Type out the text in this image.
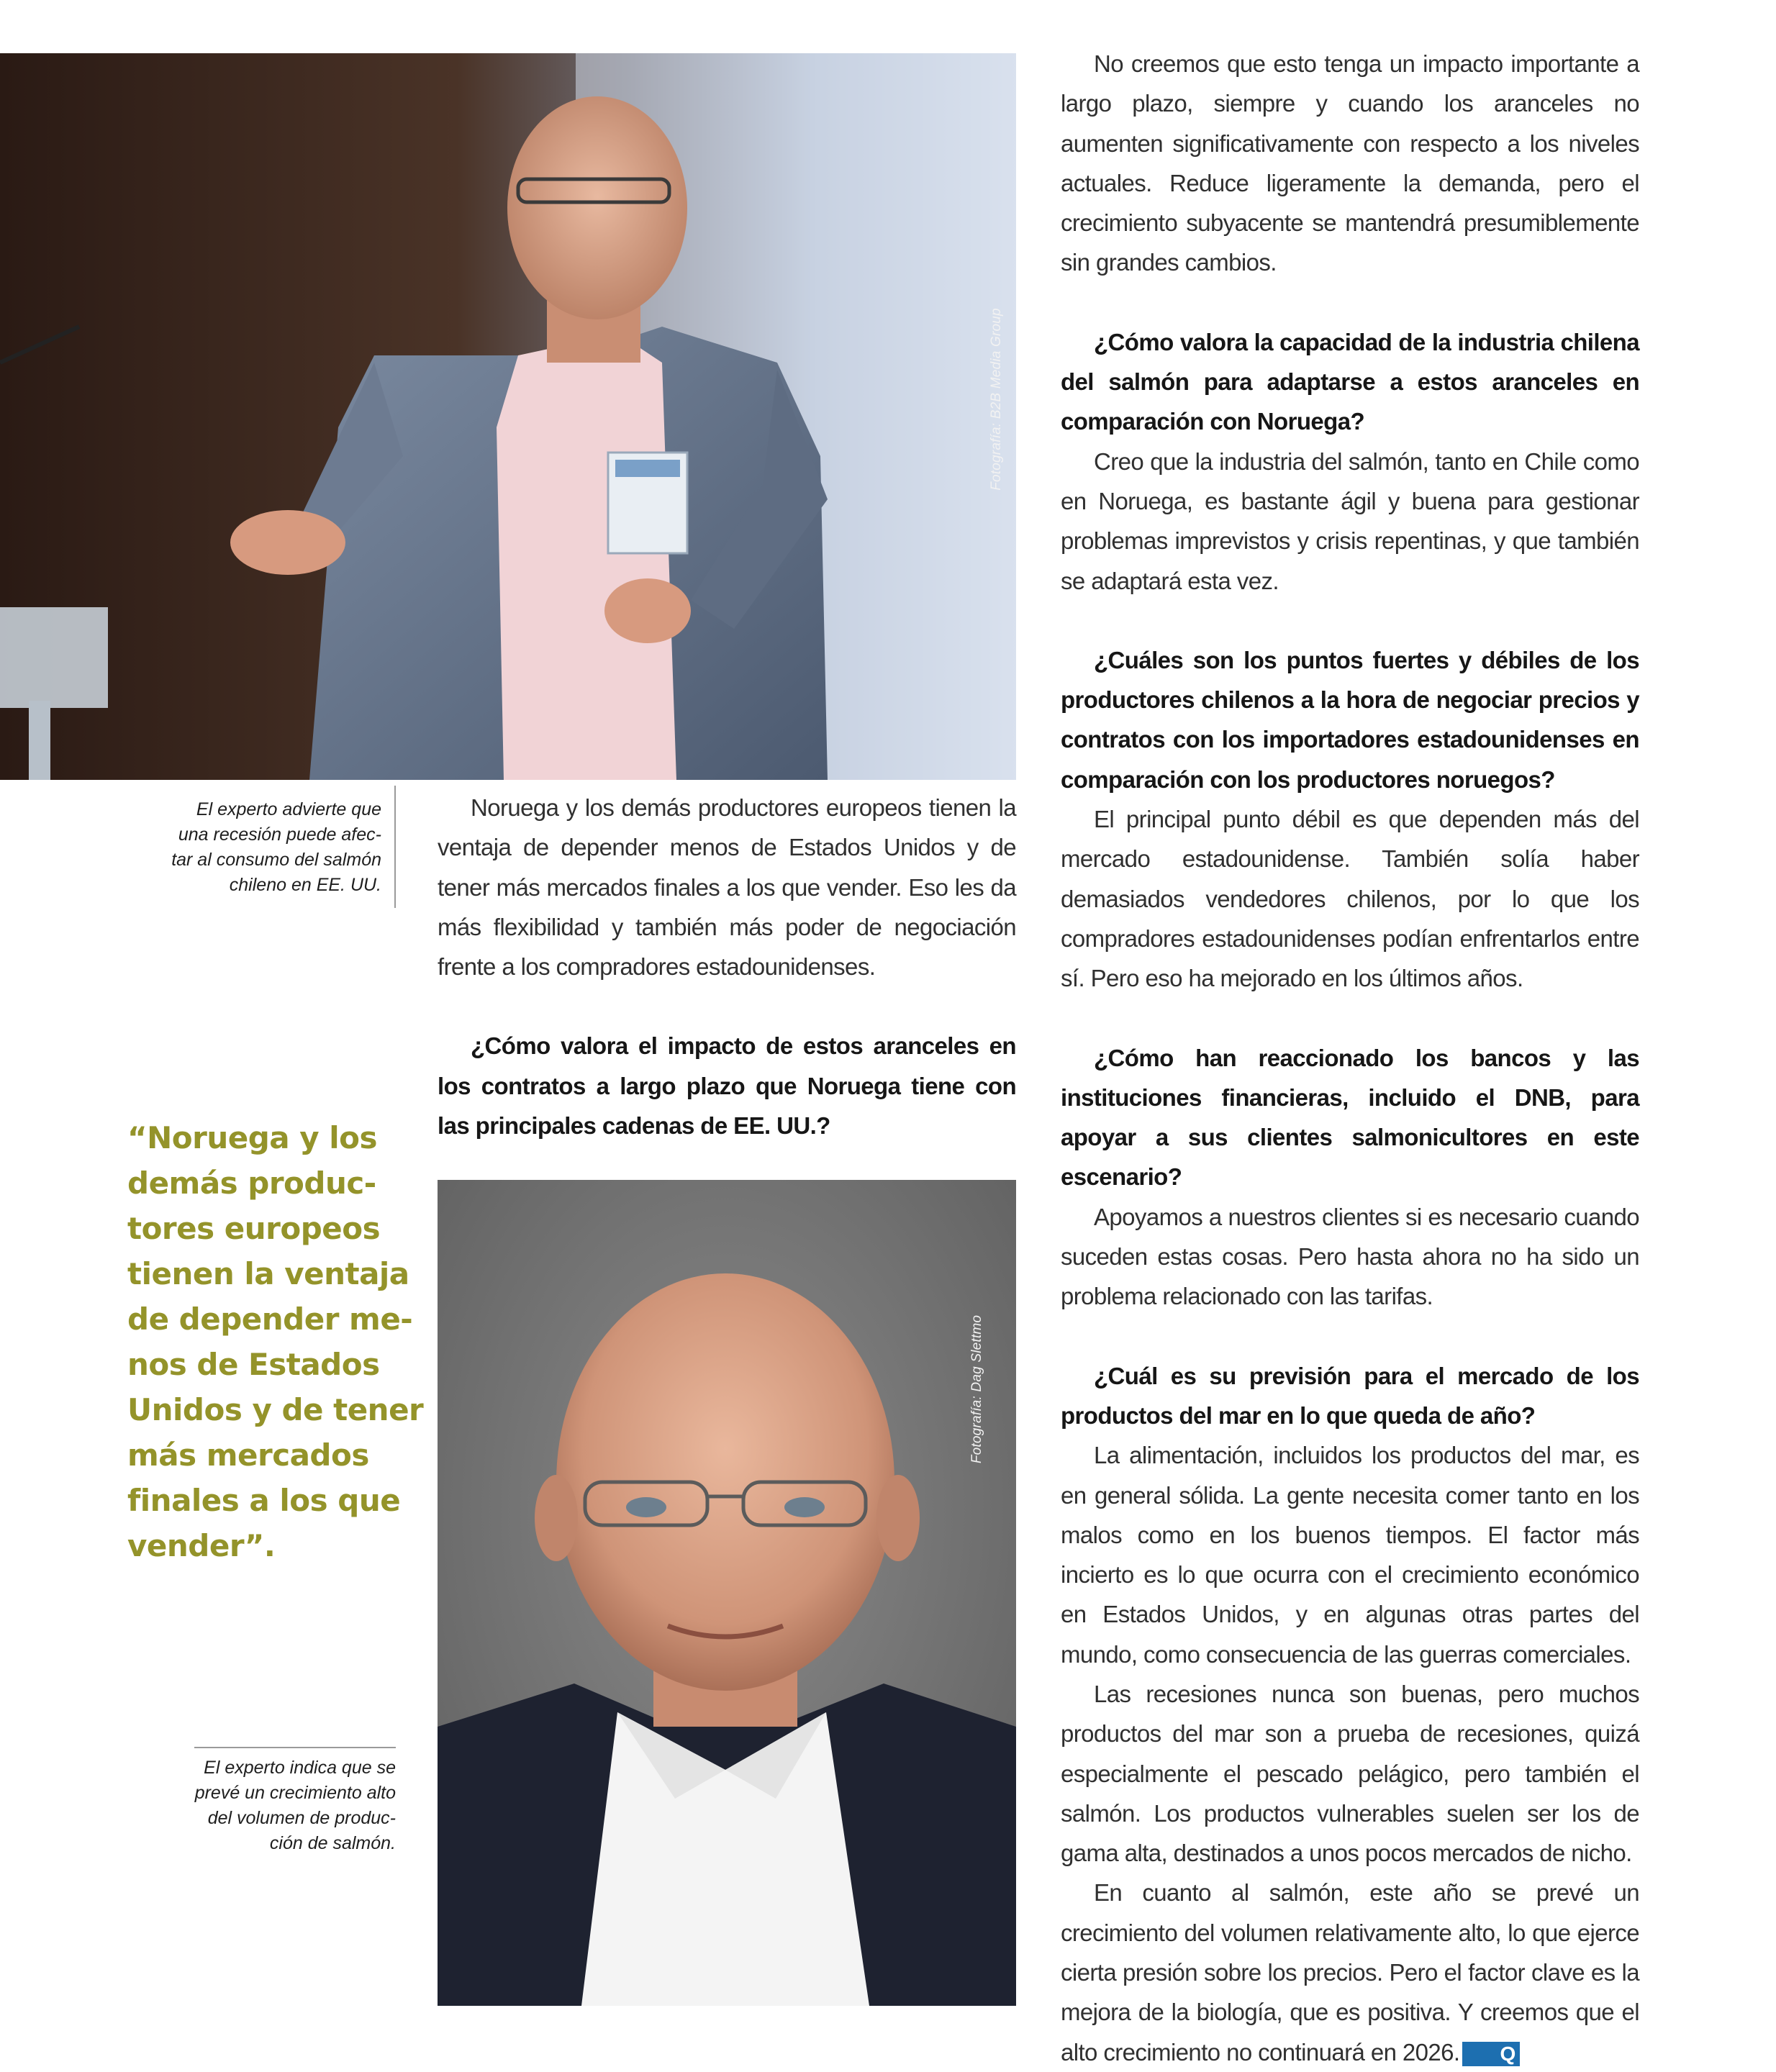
Fotografía: B2B Media Group

El experto advierte que

una recesión puede afec-

tar al consumo del salmón

chileno en EE. UU.

“Noruega y los

demás produc-

tores europeos

tienen la ventaja

de depender me-

nos de Estados

Unidos y de tener

más mercados

finales a los que

vender”.

El experto indica que se

prevé un crecimiento alto

del volumen de produc-

ción de salmón.

Noruega y los demás productores europeos tienen la ventaja de depender menos de Estados Unidos y de tener más mercados finales a los que vender. Eso les da más flexibilidad y también más poder de negociación frente a los compradores estadounidenses.

¿Cómo valora el impacto de estos aranceles en los contratos a largo plazo que Noruega tiene con las principales cadenas de EE. UU.?

Fotografía: Dag Slettmo

No creemos que esto tenga un impacto importante a largo plazo, siempre y cuando los aranceles no aumenten significativamente con respecto a los niveles actuales. Reduce ligeramente la demanda, pero el crecimiento subyacente se mantendrá presumiblemente sin grandes cambios.

¿Cómo valora la capacidad de la industria chilena del salmón para adaptarse a estos aranceles en comparación con Noruega?

Creo que la industria del salmón, tanto en Chile como en Noruega, es bastante ágil y buena para gestionar problemas imprevistos y crisis repentinas, y que también se adaptará esta vez.

¿Cuáles son los puntos fuertes y débiles de los productores chilenos a la hora de negociar precios y contratos con los importadores estadounidenses en comparación con los productores noruegos?

El principal punto débil es que dependen más del mercado estadounidense. También solía haber demasiados vendedores chilenos, por lo que los compradores estadounidenses podían enfrentarlos entre sí. Pero eso ha mejorado en los últimos años.

¿Cómo han reaccionado los bancos y las instituciones financieras, incluido el DNB, para apoyar a sus clientes salmonicultores en este escenario?

Apoyamos a nuestros clientes si es necesario cuando suceden estas cosas. Pero hasta ahora no ha sido un problema relacionado con las tarifas.

¿Cuál es su previsión para el mercado de los productos del mar en lo que queda de año?

La alimentación, incluidos los productos del mar, es en general sólida. La gente necesita comer tanto en los malos como en los buenos tiempos. El factor más incierto es lo que ocurra con el crecimiento económico en Estados Unidos, y en algunas otras partes del mundo, como consecuencia de las guerras comerciales.

Las recesiones nunca son buenas, pero muchos productos del mar son a prueba de recesiones, quizá especialmente el pescado pelágico, pero también el salmón. Los productos vulnerables suelen ser los de gama alta, destinados a unos pocos mercados de nicho.

En cuanto al salmón, este año se prevé un crecimiento del volumen relativamente alto, lo que ejerce cierta presión sobre los precios. Pero el factor clave es la mejora de la biología, que es positiva. Y creemos que el alto crecimiento no continuará en 2026. Q
